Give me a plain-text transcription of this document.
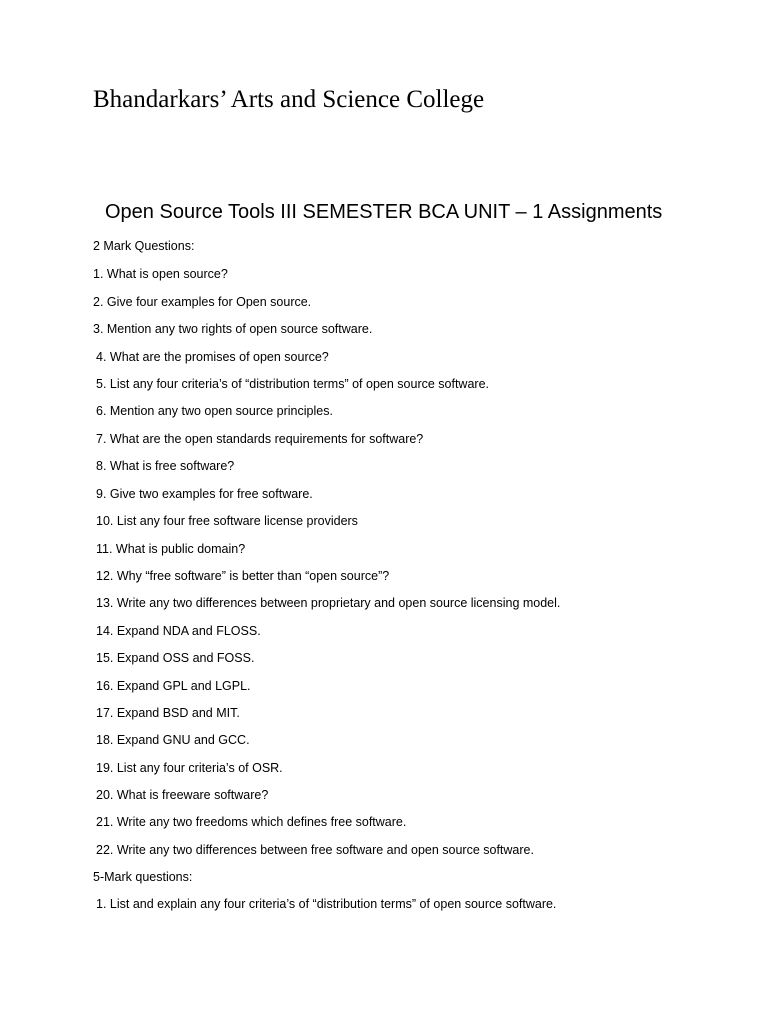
Bhandarkars’ Arts and Science College
Open Source Tools III SEMESTER BCA UNIT – 1 Assignments
2 Mark Questions:
1. What is open source?
2. Give four examples for Open source.
3. Mention any two rights of open source software.
4. What are the promises of open source?
5. List any four criteria’s of “distribution terms” of open source software.
6. Mention any two open source principles.
7. What are the open standards requirements for software?
8. What is free software?
9. Give two examples for free software.
10. List any four free software license providers
11. What is public domain?
12. Why “free software” is better than “open source”?
13. Write any two differences between proprietary and open source licensing model.
14. Expand NDA and FLOSS.
15. Expand OSS and FOSS.
16. Expand GPL and LGPL.
17. Expand BSD and MIT.
18. Expand GNU and GCC.
19. List any four criteria’s of OSR.
20. What is freeware software?
21. Write any two freedoms which defines free software.
22. Write any two differences between free software and open source software.
5-Mark questions:
1. List and explain any four criteria’s of “distribution terms” of open source software.
